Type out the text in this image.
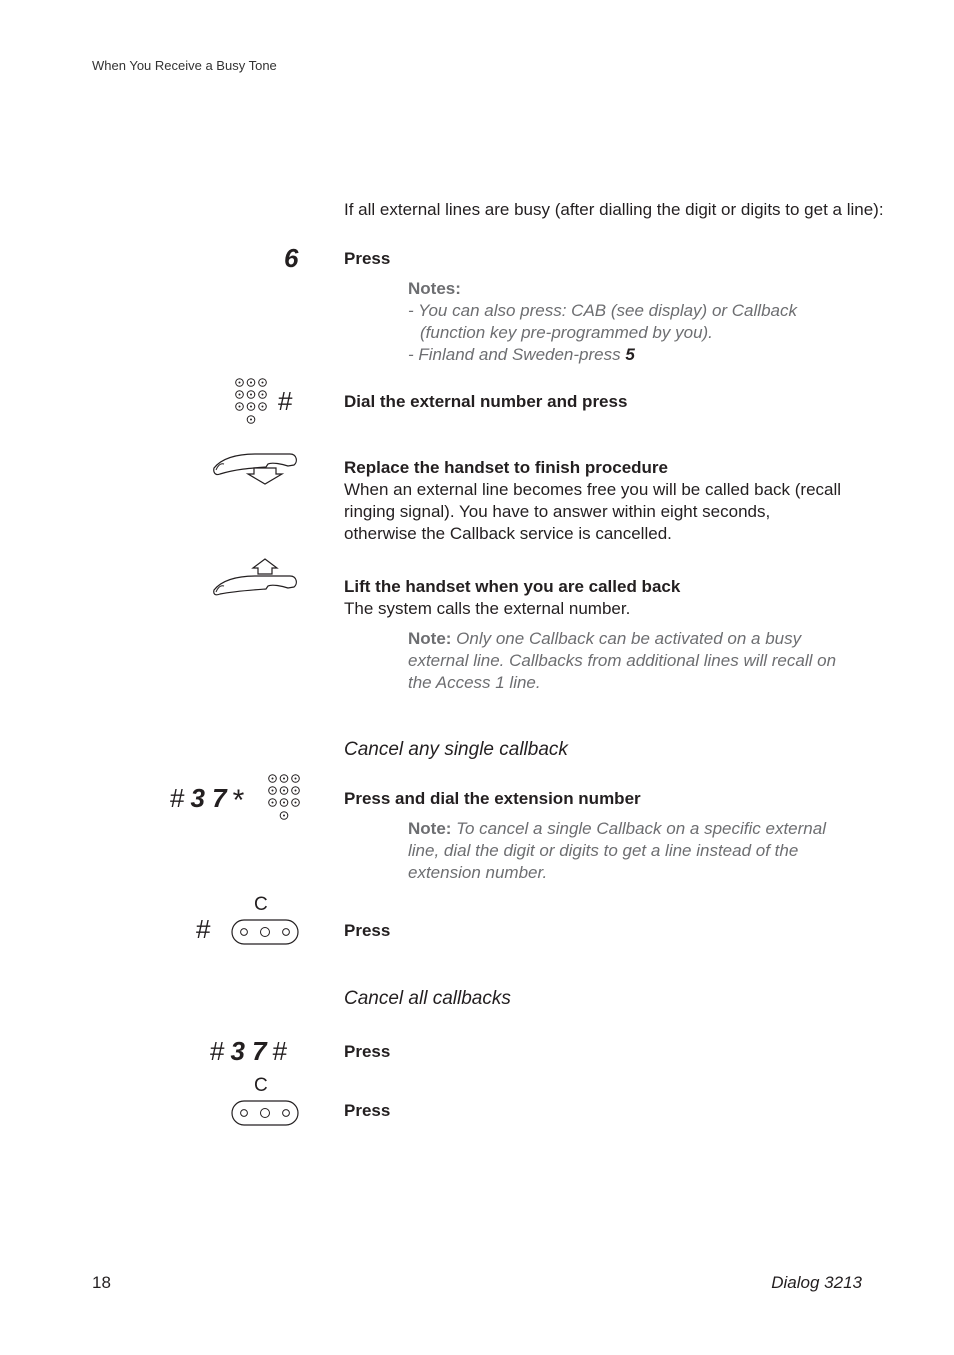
When You Receive a Busy Tone
If all external lines are busy (after dialling the digit or digits to get a line):
6	Press
Notes:
- You can also press: CAB (see display) or Callback
(function key pre-programmed by you).
- Finland and Sweden-press 5
#	Dial the external number and press
Replace the handset to finish procedure
When an external line becomes free you will be called back (recall
ringing signal). You have to answer within eight seconds,
otherwise the Callback service is cancelled.
Lift the handset when you are called back
The system calls the external number.
Note: Only one Callback can be activated on a busy
external line. Callbacks from additional lines will recall on
the Access 1 line.
Cancel any single callback
# 3 7 *	Press and dial the extension number
Note: To cancel a single Callback on a specific external
line, dial the digit or digits to get a line instead of the
extension number.
#
C
Press
Cancel all callbacks
# 3 7 #	Press
C
Press
18	Dialog 3213
